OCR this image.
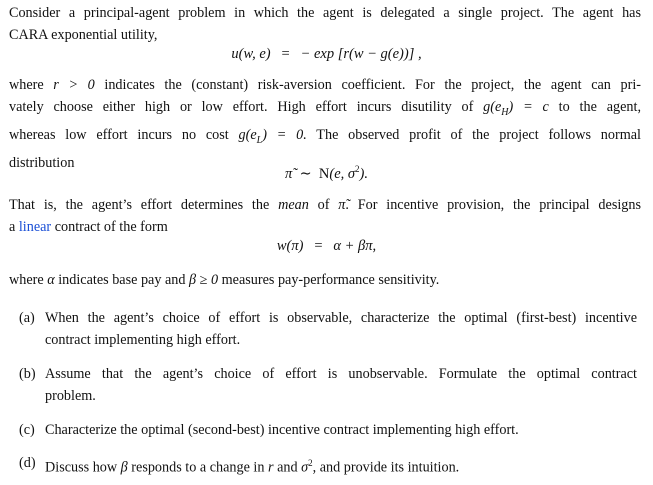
Consider a principal-agent problem in which the agent is delegated a single project. The agent has
CARA exponential utility,
u(w, e) = − exp [r(w − g(e))] ,
where r > 0 indicates the (constant) risk-aversion coefficient. For the project, the agent can pri-
vately choose either high or low effort. High effort incurs disutility of $g(e_H) = c$ to the agent,
whereas low effort incurs no cost $g(e_L) = 0$. The observed profit of the project follows normal
distribution
π̃ ∼ N(e, $\sigma^2$).
That is, the agent’s effort determines the mean of π̃. For incentive provision, the principal designs
a linear contract of the form
w(π) = α + βπ,
where α indicates base pay and β ≥ 0 measures pay-performance sensitivity.
(a) When the agent’s choice of effort is observable, characterize the optimal (first-best) incentive
contract implementing high effort.
(b) Assume that the agent’s choice of effort is unobservable. Formulate the optimal contract
problem.
(c) Characterize the optimal (second-best) incentive contract implementing high effort.
(d) Discuss how β responds to a change in r and $\sigma^2$, and provide its intuition.
